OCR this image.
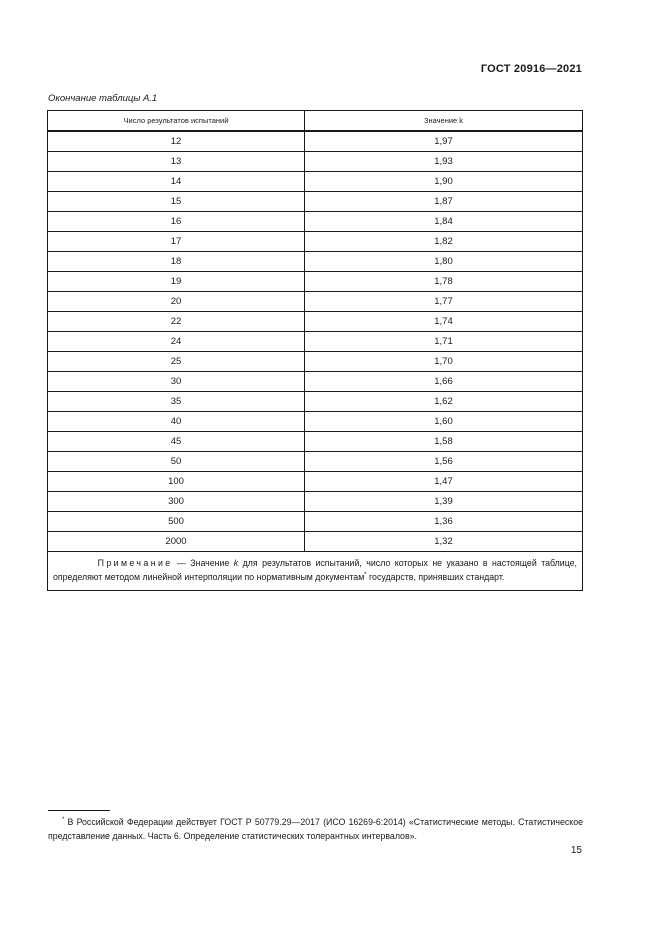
ГОСТ 20916—2021
Окончание таблицы А.1
Число результатов испытаний	Значение k
12	1,97
13	1,93
14	1,90
15	1,87
16	1,84
17	1,82
18	1,80
19	1,78
20	1,77
22	1,74
24	1,71
25	1,70
30	1,66
35	1,62
40	1,60
45	1,58
50	1,56
100	1,47
300	1,39
500	1,36
2000	1,32
Примечание — Значение k для результатов испытаний, число которых не указано в настоящей таблице, определяют методом линейной интерполяции по нормативным документам* государств, принявших стандарт.	
* В Российской Федерации действует ГОСТ Р 50779.29—2017 (ИСО 16269-6:2014) «Статистические методы. Статистическое представление данных. Часть 6. Определение статистических толерантных интервалов».
15
